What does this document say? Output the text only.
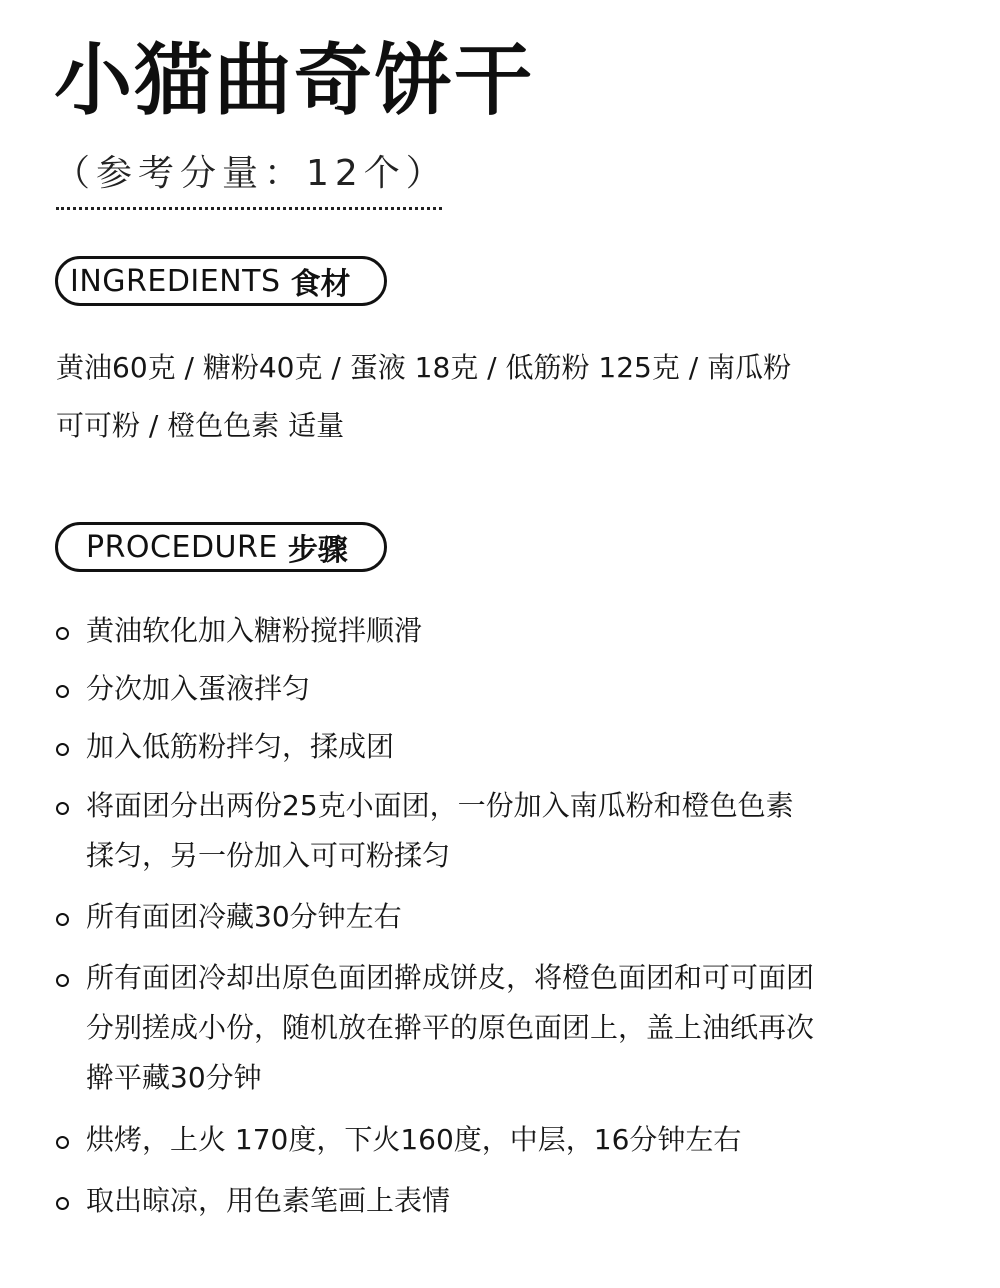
小猫曲奇饼干
（参考分量：12个）
INGREDIENTS 食材
黄油60克 / 糖粉40克 / 蛋液 18克 / 低筋粉 125克 / 南瓜粉
可可粉 / 橙色色素 适量
PROCEDURE 步骤
黄油软化加入糖粉搅拌顺滑
分次加入蛋液拌匀
加入低筋粉拌匀，揉成团
将面团分出两份25克小面团，一份加入南瓜粉和橙色色素
揉匀，另一份加入可可粉揉匀
所有面团冷藏30分钟左右
所有面团冷却出原色面团擀成饼皮，将橙色面团和可可面团
分别搓成小份，随机放在擀平的原色面团上，盖上油纸再次
擀平藏30分钟
烘烤，上火 170度，下火160度，中层，16分钟左右
取出晾凉，用色素笔画上表情
